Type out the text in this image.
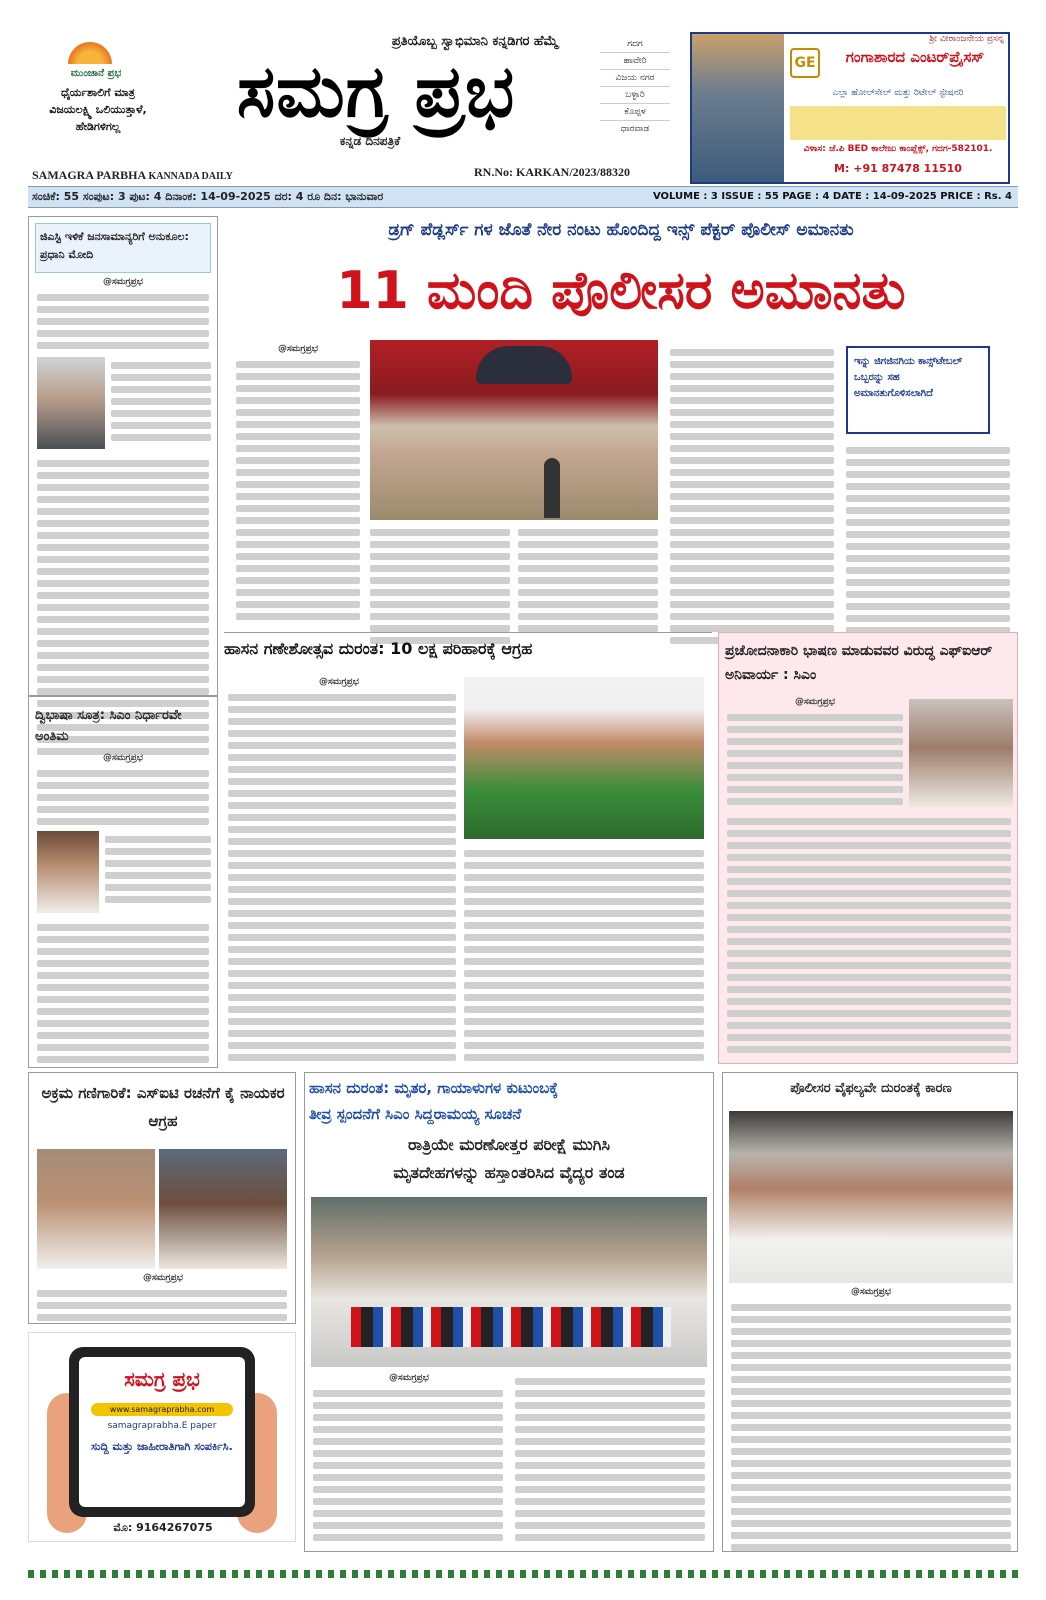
ಮುಂಜಾನೆ ಪ್ರಭ
ಧೈರ್ಯಶಾಲಿಗೆ ಮಾತ್ರ ವಿಜಯಲಕ್ಷ್ಮಿ ಒಲಿಯುತ್ತಾಳೆ, ಹೇಡಿಗಳಿಗಲ್ಲ
ಪ್ರತಿಯೊಬ್ಬ ಸ್ವಾಭಿಮಾನಿ ಕನ್ನಡಿಗರ ಹೆಮ್ಮೆ
ಸಮಗ್ರ ಪ್ರಭ
ಕನ್ನಡ ದಿನಪತ್ರಿಕೆ
SAMAGRA PARBHA KANNADA DAILY	RN.No: KARKAN/2023/88320
ಗದಗ
ಹಾವೇರಿ
ವಿಜಯ ನಗರ
ಬಳ್ಳಾರಿ
ಕೊಪ್ಪಳ
ಧಾರವಾಡ
ಶ್ರೀ ವೀರಾಂಜನೇಯ ಪ್ರಸನ್ನ
GE	ಗಂಗಾಶಾರದ ಎಂಟರ್‌ಪ್ರೈಸಸ್
ಎಲ್ಲಾ ಹೋಲ್‌ಸೇಲ್ ಮತ್ತು ರಿಟೇಲ್ ಸ್ಟೇಷನರಿ
ವಿಳಾಸ: ಜೆ.ಪಿ BED ಕಾಲೇಜು ಕಾಂಪ್ಲೆಕ್ಸ್, ಗದಗ-582101.
M: +91 87478 11510
ಸಂಚಿಕೆ: 55 ಸಂಪುಟ: 3 ಪುಟ: 4 ದಿನಾಂಕ: 14-09-2025 ದರ: 4 ರೂ ದಿನ: ಭಾನುವಾರ	VOLUME : 3 ISSUE : 55 PAGE : 4 DATE : 14-09-2025 PRICE : Rs. 4
ಜಿಎಸ್ಟಿ ಇಳಿಕೆ ಜನಸಾಮಾನ್ಯರಿಗೆ ಅನುಕೂಲ: ಪ್ರಧಾನಿ ಮೋದಿ
@ಸಮಗ್ರಪ್ರಭ
ದ್ವಿಭಾಷಾ ಸೂತ್ರ: ಸಿಎಂ ನಿರ್ಧಾರವೇ ಅಂತಿಮ
@ಸಮಗ್ರಪ್ರಭ
ಡ್ರಗ್ ಪೆಡ್ಲರ್ಸ್ ಗಳ ಜೊತೆ ನೇರ ನಂಟು ಹೊಂದಿದ್ದ ಇನ್ಸ್ ಪೆಕ್ಟರ್ ಪೊಲೀಸ್ ಅಮಾನತು
11 ಮಂದಿ ಪೊಲೀಸರ ಅಮಾನತು
@ಸಮಗ್ರಪ್ರಭ
ಇನ್ನು ಜಿಗಜಿನಗಿಯ ಕಾನ್ಸ್‌ಟೇಬಲ್ ಒಬ್ಬರನ್ನು ಸಹ ಅಮಾನತುಗೊಳಿಸಲಾಗಿದೆ
ಹಾಸನ ಗಣೇಶೋತ್ಸವ ದುರಂತ: 10 ಲಕ್ಷ ಪರಿಹಾರಕ್ಕೆ ಆಗ್ರಹ
@ಸಮಗ್ರಪ್ರಭ
ಪ್ರಚೋದನಾಕಾರಿ ಭಾಷಣ ಮಾಡುವವರ ವಿರುದ್ಧ ಎಫ್‌ಐಆರ್ ಅನಿವಾರ್ಯ : ಸಿಎಂ
@ಸಮಗ್ರಪ್ರಭ
ಅಕ್ರಮ ಗಣಿಗಾರಿಕೆ: ಎಸ್‌ಐಟಿ ರಚನೆಗೆ ಕೈ ನಾಯಕರ ಆಗ್ರಹ
@ಸಮಗ್ರಪ್ರಭ
ಸಮಗ್ರ ಪ್ರಭ
www.samagraprabha.com
samagraprabha.E paper
ಸುದ್ದಿ ಮತ್ತು ಜಾಹೀರಾತಿಗಾಗಿ ಸಂಪರ್ಕಿಸಿ.
ಮೊ: 9164267075
ಹಾಸನ ದುರಂತ: ಮೃತರ, ಗಾಯಾಳುಗಳ ಕುಟುಂಬಕ್ಕೆ
ತೀವ್ರ ಸ್ಪಂದನೆಗೆ ಸಿಎಂ ಸಿದ್ದರಾಮಯ್ಯ ಸೂಚನೆ
ರಾತ್ರಿಯೇ ಮರಣೋತ್ತರ ಪರೀಕ್ಷೆ ಮುಗಿಸಿ
ಮೃತದೇಹಗಳನ್ನು ಹಸ್ತಾಂತರಿಸಿದ ವೈದ್ಯರ ತಂಡ
@ಸಮಗ್ರಪ್ರಭ
ಪೊಲೀಸರ ವೈಫಲ್ಯವೇ ದುರಂತಕ್ಕೆ ಕಾರಣ
@ಸಮಗ್ರಪ್ರಭ
